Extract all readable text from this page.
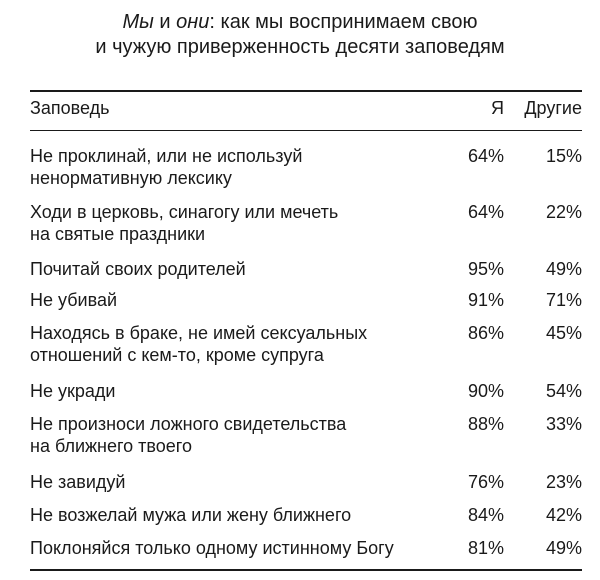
Мы и они: как мы воспринимаем свою
и чужую приверженность десяти заповедям
Заповедь	Я	Другие
Не проклинай, или не используй
ненормативную лексику
64%	15%
Ходи в церковь, синагогу или мечеть
на святые праздники
64%	22%
Почитай своих родителей	95%	49%
Не убивай	91%	71%
Находясь в браке, не имей сексуальных
отношений с кем-то, кроме супруга
86%	45%
Не укради	90%	54%
Не произноси ложного свидетельства
на ближнего твоего
88%	33%
Не завидуй	76%	23%
Не возжелай мужа или жену ближнего	84%	42%
Поклоняйся только одному истинному Богу	81%	49%
